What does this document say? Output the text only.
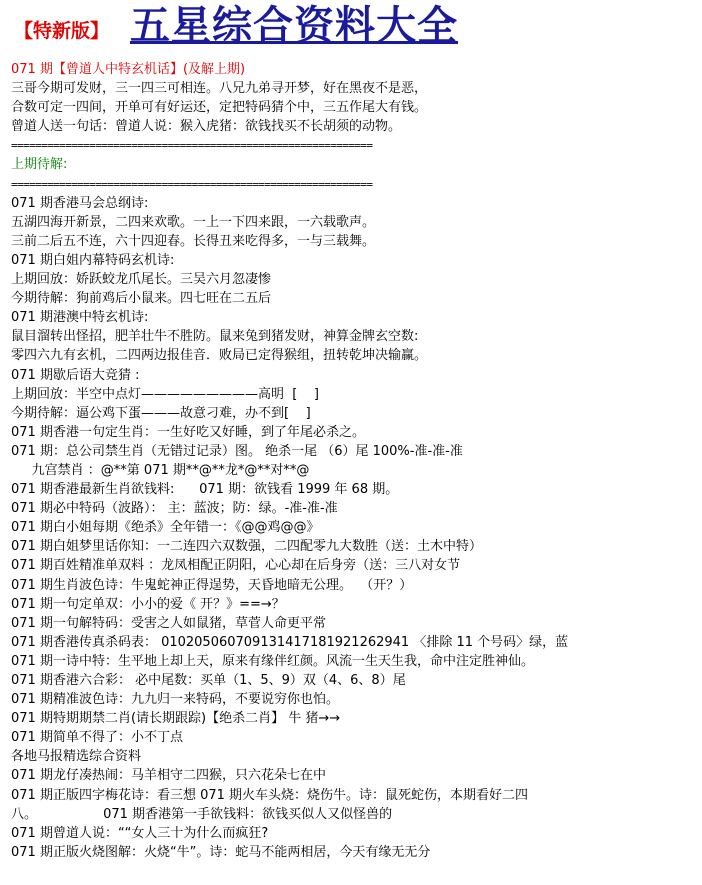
【特新版】 五星综合资料大全
071 期【曾道人中特玄机话】(及解上期)
三哥今期可发财，三一四三可相连。八兄九弟寻开梦，好在黑夜不是恶，
合数可定一四间，开单可有好运还，定把特码猜个中，三五作尾大有钱。
曾道人送一句话：曾道人说：猴入虎猪：欲钱找买不长胡须的动物。
============================================================
上期待解:
============================================================
071 期香港马会总纲诗:
五湖四海开新景，二四来欢歌。一上一下四来跟，一六载歌声。
三前二后五不连，六十四迎春。长得丑来吃得多，一与三载舞。
071 期白姐内幕特码玄机诗:
上期回放：娇跃蛟龙爪尾长。三吴六月忽凄惨
今期待解：狗前鸡后小鼠来。四七旺在二五后
071 期港澳中特玄机诗:
鼠目溜转出怪招，肥羊壮牛不胜防。鼠来兔到猪发财，神算金牌玄空数:
零四六九有玄机，二四两边报佳音．败局已定得猴组，扭转乾坤决输赢。
071 期歇后语大竞猜 :
上期回放：半空中点灯—————————高明  [    ]
今期待解：逼公鸡下蛋———故意刁难，办不到[    ]
071 期香港一句定生肖：一生好吃又好睡，到了年尾必杀之。
071 期：总公司禁生肖（无错过记录）图。 绝杀一尾 （6）尾 100%-准-准-准
九宫禁肖 ：@**第 071 期**@**龙*@**对**@
071 期香港最新生肖欲钱料:      071 期：欲钱看 1999 年 68 期。
071 期必中特码（波路）： 主：蓝波；防：绿。-准-准-准
071 期白小姐每期《绝杀》全年错一：《@@鸡@@》
071 期白姐梦里话你知：一二连四六双数强，二四配零九大数胜（送：土木中特）
071 期百姓精准单双料 ：龙凤相配正阴阳，心心却在后身旁（送：三八对女节
071 期生肖波色诗：牛鬼蛇神正得逞势，天昏地暗无公理。  （开？）
071 期一句定单双：小小的爱《 开？》==→？
071 期一句解特码：受害之人如鼠猪，草菅人命更平常
071 期香港传真杀码表： 01020506070913141718192126294​1 〈排除 11 个号码〉绿，蓝
071 期一诗中特：生平地上却上天，原来有缘伴红颜。风流一生天生我，命中注定胜神仙。
071 期香港六合彩： 必中尾数：买单（1、5、9）双（4、6、8）尾
071 期精准波色诗：九九归一来特码，不要说穷你也怕。
071 期特期期禁二肖(请长期跟踪)【绝杀二肖】 牛 猪→→
071 期简单不得了：小不丁点
各地马报精选综合资料
071 期龙仔凑热闹：马羊相守二四猴，只六花朵七在中
071 期正版四字梅花诗：看三想 071 期火车头烧：烧伤牛。诗：鼠死蛇伤，本期看好二四
八。                071 期香港第一手欲钱料：欲钱买似人又似怪兽的
071 期曾道人说：““女人三十为什么而疯狂?
071 期正版火烧图解：火烧“牛”。诗：蛇马不能两相居，今天有缘无无分
